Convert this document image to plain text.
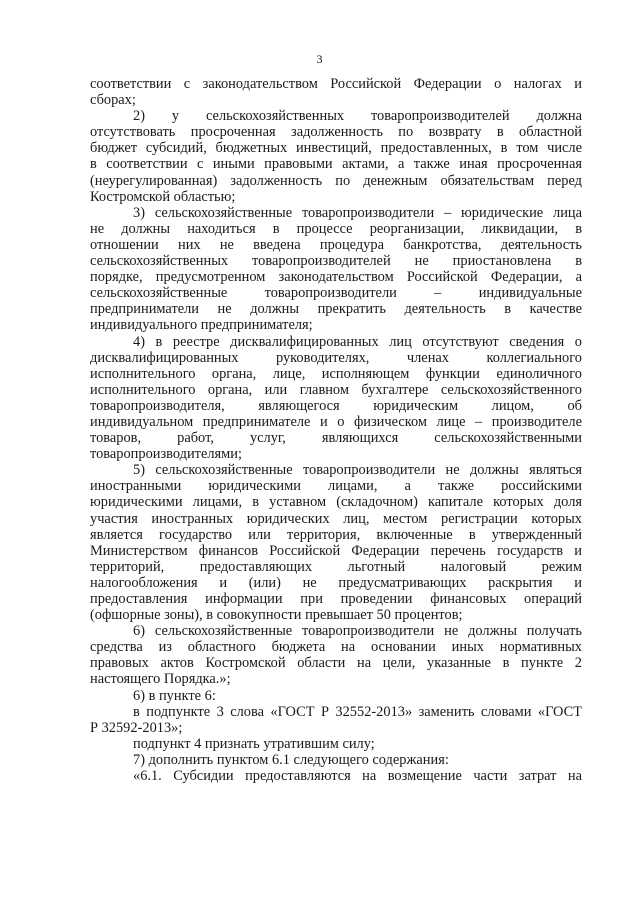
3
соответствии с законодательством Российской Федерации о налогах и
сборах;
2) у сельскохозяйственных товаропроизводителей должна
отсутствовать просроченная задолженность по возврату в областной
бюджет субсидий, бюджетных инвестиций, предоставленных, в том числе
в соответствии с иными правовыми актами, а также иная просроченная
(неурегулированная) задолженность по денежным обязательствам перед
Костромской областью;
3) сельскохозяйственные товаропроизводители – юридические лица
не должны находиться в процессе реорганизации, ликвидации, в
отношении них не введена процедура банкротства, деятельность
сельскохозяйственных товаропроизводителей не приостановлена в
порядке, предусмотренном законодательством Российской Федерации, а
сельскохозяйственные товаропроизводители – индивидуальные
предприниматели не должны прекратить деятельность в качестве
индивидуального предпринимателя;
4) в реестре дисквалифицированных лиц отсутствуют сведения о
дисквалифицированных руководителях, членах коллегиального
исполнительного органа, лице, исполняющем функции единоличного
исполнительного органа, или главном бухгалтере сельскохозяйственного
товаропроизводителя, являющегося юридическим лицом, об
индивидуальном предпринимателе и о физическом лице – производителе
товаров, работ, услуг, являющихся сельскохозяйственными
товаропроизводителями;
5) сельскохозяйственные товаропроизводители не должны являться
иностранными юридическими лицами, а также российскими
юридическими лицами, в уставном (складочном) капитале которых доля
участия иностранных юридических лиц, местом регистрации которых
является государство или территория, включенные в утвержденный
Министерством финансов Российской Федерации перечень государств и
территорий, предоставляющих льготный налоговый режим
налогообложения и (или) не предусматривающих раскрытия и
предоставления информации при проведении финансовых операций
(офшорные зоны), в совокупности превышает 50 процентов;
6) сельскохозяйственные товаропроизводители не должны получать
средства из областного бюджета на основании иных нормативных
правовых актов Костромской области на цели, указанные в пункте 2
настоящего Порядка.»;
6) в пункте 6:
в подпункте 3 слова «ГОСТ Р 32552-2013» заменить словами «ГОСТ
Р 32592-2013»;
подпункт 4 признать утратившим силу;
7) дополнить пунктом 6.1 следующего содержания:
«6.1. Субсидии предоставляются на возмещение части затрат на
